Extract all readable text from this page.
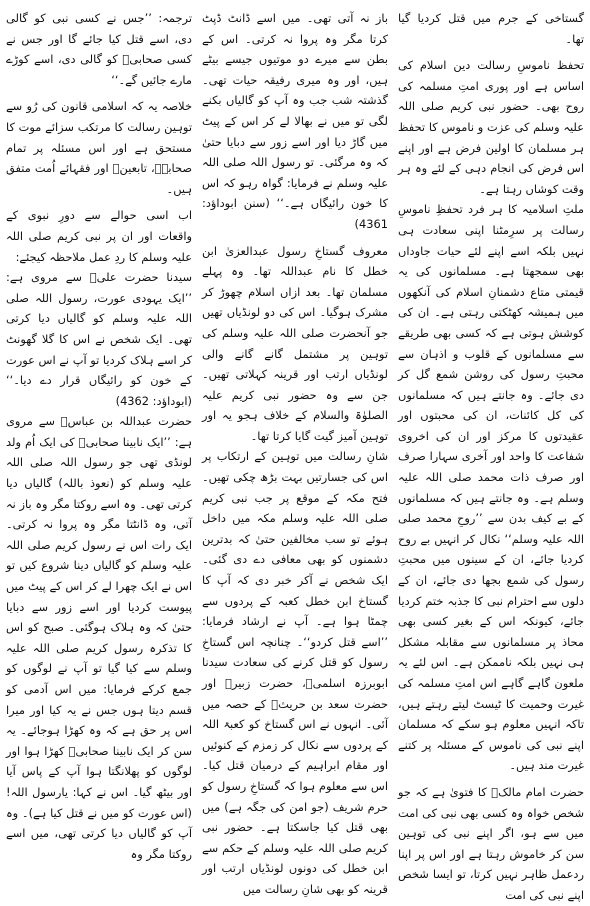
ترجمہ: ’’جس نے کسی نبی کو گالی دی، اسے قتل کیا جائے گا اور جس نے کسی صحابیؓ کو گالی دی، اسے کوڑے مارے جائیں گے۔‘‘

خلاصہ یہ کہ اسلامی قانون کی رُو سے توہین رسالت کا مرتکب سزائے موت کا مستحق ہے اور اس مسئلہ پر تمام صحابہؓ، تابعینؒ اور فقہائے اُمت متفق ہیں۔

اب اسی حوالے سے دورِ نبوی کے واقعات اور ان پر نبی کریم صلی اللہ علیہ وسلم کا ردِ عمل ملاحظہ کیجئے:

سیدنا حضرت علیؓ سے مروی ہے: ’’ایک یہودی عورت، رسول اللہ صلی اللہ علیہ وسلم کو گالیاں دیا کرتی تھی۔ ایک شخص نے اس کا گلا گھونٹ کر اسے ہلاک کردیا تو آپ نے اس عورت کے خون کو رائیگاں قرار دے دیا۔‘‘ (ابوداؤد: 4362)

حضرت عبداللہ بن عباسؓ سے مروی ہے: ’’ایک نابینا صحابیؓ کی ایک اُم ولد لونڈی تھی جو رسول اللہ صلی اللہ علیہ وسلم کو (نعوذ باللہ) گالیاں دیا کرتی تھی۔ وہ اسے روکتا مگر وہ باز نہ آتی، وہ ڈانٹتا مگر وہ پروا نہ کرتی۔ ایک رات اس نے رسول کریم صلی اللہ علیہ وسلم کو گالیاں دینا شروع کیں تو اس نے ایک چھرا لے کر اس کے پیٹ میں پیوست کردیا اور اسے زور سے دبایا حتیٰ کہ وہ ہلاک ہوگئی۔ صبح کو اس کا تذکرہ رسول کریم صلی اللہ علیہ وسلم سے کیا گیا تو آپ نے لوگوں کو جمع کرکے فرمایا: میں اس آدمی کو قسم دیتا ہوں جس نے یہ کیا اور میرا اس پر حق ہے کہ وہ کھڑا ہوجائے۔ یہ سن کر ایک نابینا صحابیؓ کھڑا ہوا اور لوگوں کو پھلانگتا ہوا آپ کے پاس آیا اور بیٹھ گیا۔ اس نے کہا: یارسول اللہ! (اس عورت کو میں نے قتل کیا ہے)۔ وہ آپ کو گالیاں دیا کرتی تھی، میں اسے روکتا مگر وہ

باز نہ آتی تھی۔ میں اسے ڈانٹ ڈپٹ کرتا مگر وہ پروا نہ کرتی۔ اس کے بطن سے میرے دو موتیوں جیسے بیٹے ہیں، اور وہ میری رفیقہ حیات تھی۔ گذشتہ شب جب وہ آپ کو گالیاں بکنے لگی تو میں نے بھالا لے کر اس کے پیٹ میں گاڑ دیا اور اسے زور سے دبایا حتیٰ کہ وہ مرگئی۔ تو رسول اللہ صلی اللہ علیہ وسلم نے فرمایا: گواہ رہو کہ اس کا خون رائیگاں ہے۔‘‘ (سنن ابوداؤد: 4361)

معروف گستاخِ رسول عبدالعزیٰ ابن خطل کا نام عبداللہ تھا۔ وہ پہلے مسلمان تھا۔ بعد ازاں اسلام چھوڑ کر مشرک ہوگیا۔ اس کی دو لونڈیاں تھیں جو آنحضرت صلی اللہ علیہ وسلم کی توہین پر مشتمل گانے گانے والی لونڈیاں ارتب اور قرینہ کہلاتی تھیں۔ جن سے وہ حضور نبی کریم علیہ الصلوٰۃ والسلام کے خلاف ہجو یہ اور توہین آمیز گیت گایا کرتا تھا۔

شانِ رسالت میں توہین کے ارتکاب پر اس کی جسارتیں بہت بڑھ چکی تھیں۔ فتح مکہ کے موقع پر جب نبی کریم صلی اللہ علیہ وسلم مکہ میں داخل ہوئے تو سب مخالفین حتیٰ کہ بدترین دشمنوں کو بھی معافی دے دی گئی۔ ایک شخص نے آکر خبر دی کہ آپ کا گستاخ ابن خطل کعبہ کے پردوں سے چمٹا ہوا ہے۔ آپ نے ارشاد فرمایا: ’’اسے قتل کردو‘‘۔ چنانچہ اس گستاخِ رسول کو قتل کرنے کی سعادت سیدنا ابوبرزہ اسلمیؓ، حضرت زبیرؓ اور حضرت سعد بن حریثؓ کے حصہ میں آئی۔ انہوں نے اس گستاخ کو کعبۃ اللہ کے پردوں سے نکال کر زمزم کے کنوئیں اور مقام ابراہیم کے درمیان قتل کیا۔ اس سے معلوم ہوا کہ گستاخِ رسول کو حرم شریف (جو امن کی جگہ ہے) میں بھی قتل کیا جاسکتا ہے۔ حضور نبی کریم صلی اللہ علیہ وسلم کے حکم سے ابن خطل کی دونوں لونڈیاں ارتب اور قرینہ کو بھی شانِ رسالت میں

گستاخی کے جرم میں قتل کردیا گیا تھا۔

تحفظ ناموسِ رسالت دین اسلام کی اساس ہے اور پوری امتِ مسلمہ کی روح بھی۔ حضور نبی کریم صلی اللہ علیہ وسلم کی عزت و ناموس کا تحفظ ہر مسلمان کا اولین فرض ہے اور اپنے اس فرض کی انجام دہی کے لئے وہ ہر وقت کوشاں رہتا ہے۔

ملتِ اسلامیہ کا ہر فرد تحفظِ ناموسِ رسالت پر سرِمٹنا اپنی سعادت ہی نہیں بلکہ اسے اپنے لئے حیات جاوداں بھی سمجھتا ہے۔ مسلمانوں کی یہ قیمتی متاع دشمنانِ اسلام کی آنکھوں میں ہمیشہ کھٹکتی رہتی ہے۔ ان کی کوشش ہوتی ہے کہ کسی بھی طریقے سے مسلمانوں کے قلوب و اذہان سے محبتِ رسول کی روشن شمع گل کر دی جائے۔ وہ جانتے ہیں کہ مسلمانوں کی کل کائنات، ان کی محبتوں اور عقیدتوں کا مرکز اور ان کی اخروی شفاعت کا واحد اور آخری سہارا صرف اور صرف ذات محمد صلی اللہ علیہ وسلم ہے۔ وہ جانتے ہیں کہ مسلمانوں کے بے کیف بدن سے ’’روحِ محمد صلی اللہ علیہ وسلم‘‘ نکال کر انہیں بے روح کردیا جائے، ان کے سینوں میں محبتِ رسول کی شمع بجھا دی جائے، ان کے دلوں سے احترام نبی کا جذبہ ختم کردیا جائے، کیونکہ اس کے بغیر کسی بھی محاذ پر مسلمانوں سے مقابلہ مشکل ہی نہیں بلکہ ناممکن ہے۔ اس لئے یہ ملعون گاہے گاہے اس امتِ مسلمہ کی غیرت وحمیت کا ٹیسٹ لیتے رہتے ہیں، تاکہ انہیں معلوم ہو سکے کہ مسلمان اپنے نبی کی ناموس کے مسئلہ پر کتنے غیرت مند ہیں۔

حضرت امام مالکؒ کا فتویٰ ہے کہ جو شخص خواہ وہ کسی بھی نبی کی امت میں سے ہو، اگر اپنے نبی کی توہین سن کر خاموش رہتا ہے اور اس پر اپنا ردعمل ظاہر نہیں کرتا، تو ایسا شخص اپنے نبی کی امت
